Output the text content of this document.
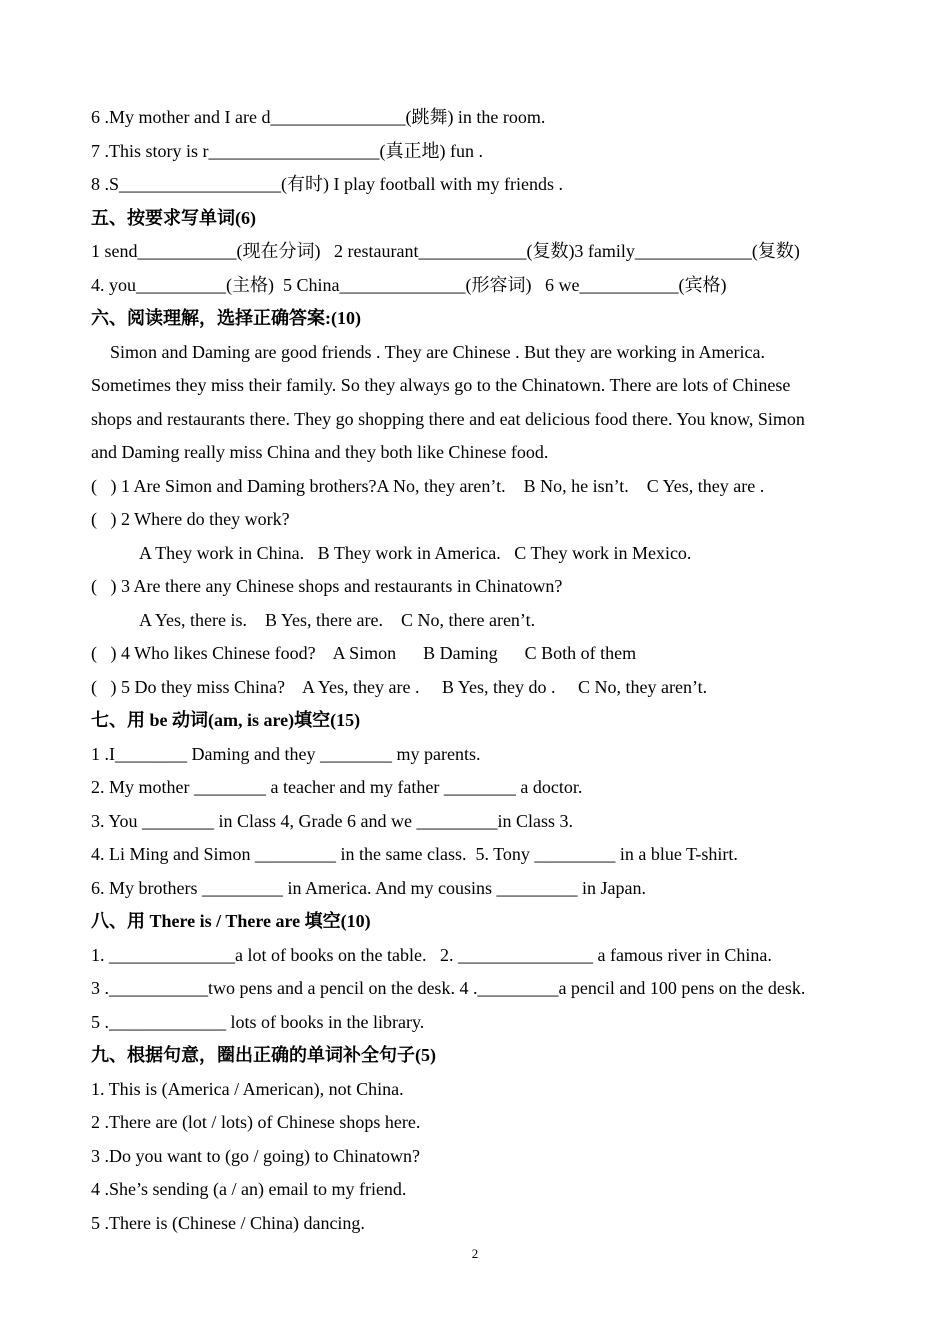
6 .My mother and I are d_______________(跳舞) in the room.

7 .This story is r___________________(真正地) fun .

8 .S__________________(有时) I play football with my friends .

五、按要求写单词(6)

1 send___________(现在分词)   2 restaurant____________(复数)3 family_____________(复数)

4. you__________(主格)  5 China______________(形容词)   6 we___________(宾格)

六、阅读理解，选择正确答案:(10)

Simon and Daming are good friends . They are Chinese . But they are working in America.

Sometimes they miss their family. So they always go to the Chinatown. There are lots of Chinese

shops and restaurants there. They go shopping there and eat delicious food there. You know, Simon

and Daming really miss China and they both like Chinese food.

(   ) 1 Are Simon and Daming brothers?A No, they aren’t.    B No, he isn’t.    C Yes, they are .

(   ) 2 Where do they work?

A They work in China.   B They work in America.   C They work in Mexico.

(   ) 3 Are there any Chinese shops and restaurants in Chinatown?

A Yes, there is.    B Yes, there are.    C No, there aren’t.

(   ) 4 Who likes Chinese food?    A Simon      B Daming      C Both of them

(   ) 5 Do they miss China?    A Yes, they are .     B Yes, they do .     C No, they aren’t.

七、用 be 动词(am, is are)填空(15)

1 .I________ Daming and they ________ my parents.

2. My mother ________ a teacher and my father ________ a doctor.

3. You ________ in Class 4, Grade 6 and we _________in Class 3.

4. Li Ming and Simon _________ in the same class.  5. Tony _________ in a blue T-shirt.

6. My brothers _________ in America. And my cousins _________ in Japan.

八、用 There is / There are 填空(10)

1. ______________a lot of books on the table.   2. _______________ a famous river in China.

3 .___________two pens and a pencil on the desk. 4 ._________a pencil and 100 pens on the desk.

5 ._____________ lots of books in the library.

九、根据句意，圈出正确的单词补全句子(5)

1. This is (America / American), not China.

2 .There are (lot / lots) of Chinese shops here.

3 .Do you want to (go / going) to Chinatown?

4 .She’s sending (a / an) email to my friend.

5 .There is (Chinese / China) dancing.

2
